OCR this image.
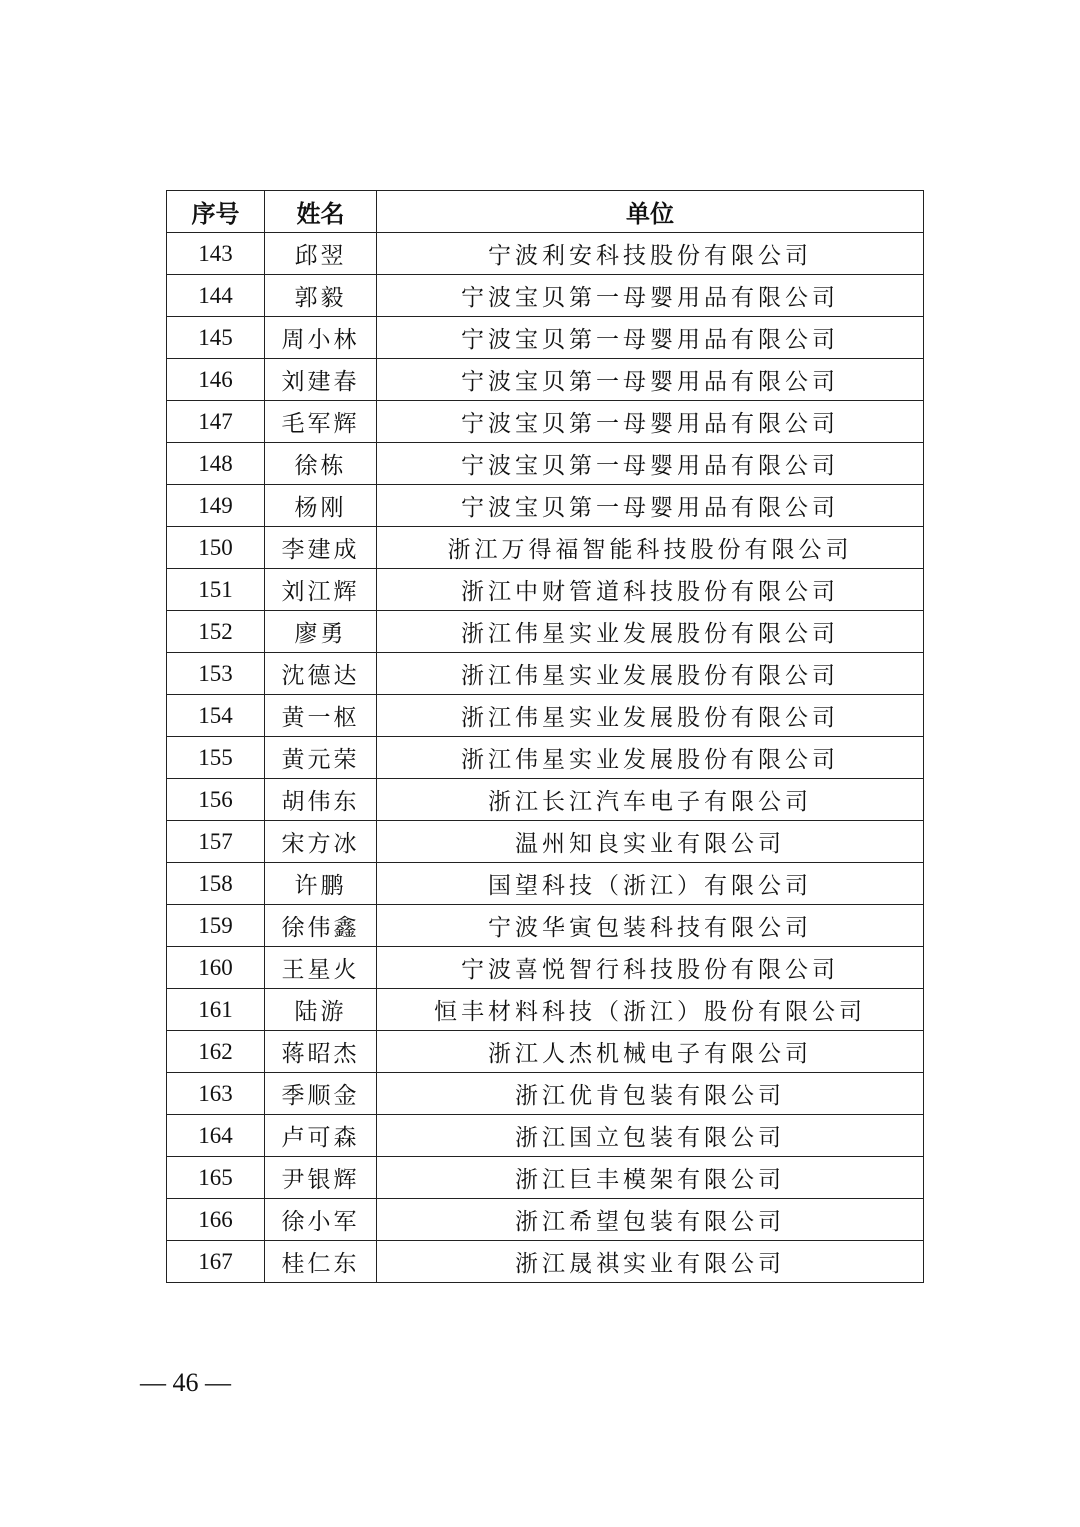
序号	姓名	单位
143	邱翌	宁波利安科技股份有限公司
144	郭毅	宁波宝贝第一母婴用品有限公司
145	周小林	宁波宝贝第一母婴用品有限公司
146	刘建春	宁波宝贝第一母婴用品有限公司
147	毛军辉	宁波宝贝第一母婴用品有限公司
148	徐栋	宁波宝贝第一母婴用品有限公司
149	杨刚	宁波宝贝第一母婴用品有限公司
150	李建成	浙江万得福智能科技股份有限公司
151	刘江辉	浙江中财管道科技股份有限公司
152	廖勇	浙江伟星实业发展股份有限公司
153	沈德达	浙江伟星实业发展股份有限公司
154	黄一枢	浙江伟星实业发展股份有限公司
155	黄元荣	浙江伟星实业发展股份有限公司
156	胡伟东	浙江长江汽车电子有限公司
157	宋方冰	温州知良实业有限公司
158	许鹏	国望科技（浙江）有限公司
159	徐伟鑫	宁波华寅包装科技有限公司
160	王星火	宁波喜悦智行科技股份有限公司
161	陆游	恒丰材料科技（浙江）股份有限公司
162	蒋昭杰	浙江人杰机械电子有限公司
163	季顺金	浙江优肯包装有限公司
164	卢可森	浙江国立包装有限公司
165	尹银辉	浙江巨丰模架有限公司
166	徐小军	浙江希望包装有限公司
167	桂仁东	浙江晟祺实业有限公司
— 46 —
